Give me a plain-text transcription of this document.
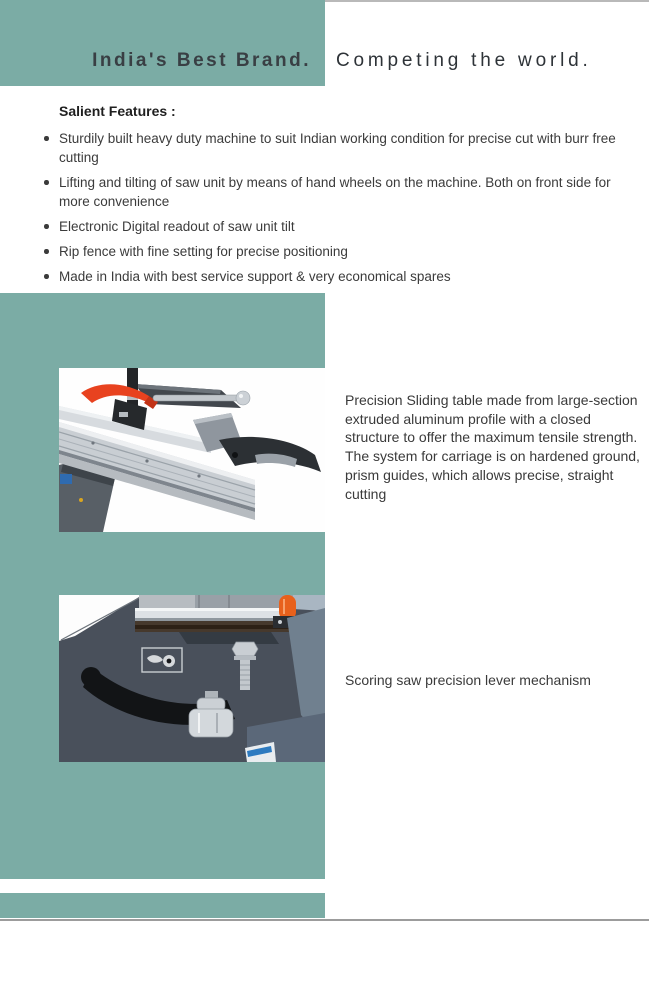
India's Best Brand. Competing the world.
Salient Features :
Sturdily built heavy duty machine to suit Indian working condition for precise cut with burr free cutting
Lifting and tilting of saw unit by means of hand wheels on the machine. Both on front side for more convenience
Electronic Digital readout of saw unit tilt
Rip fence with fine setting for precise positioning
Made in India with best service support & very economical spares
Precision Sliding table made from large-section extruded aluminum profile with a closed structure to offer the maximum tensile strength. The system for carriage is on hardened ground, prism guides, which allows precise, straight cutting
Scoring saw precision lever mechanism
